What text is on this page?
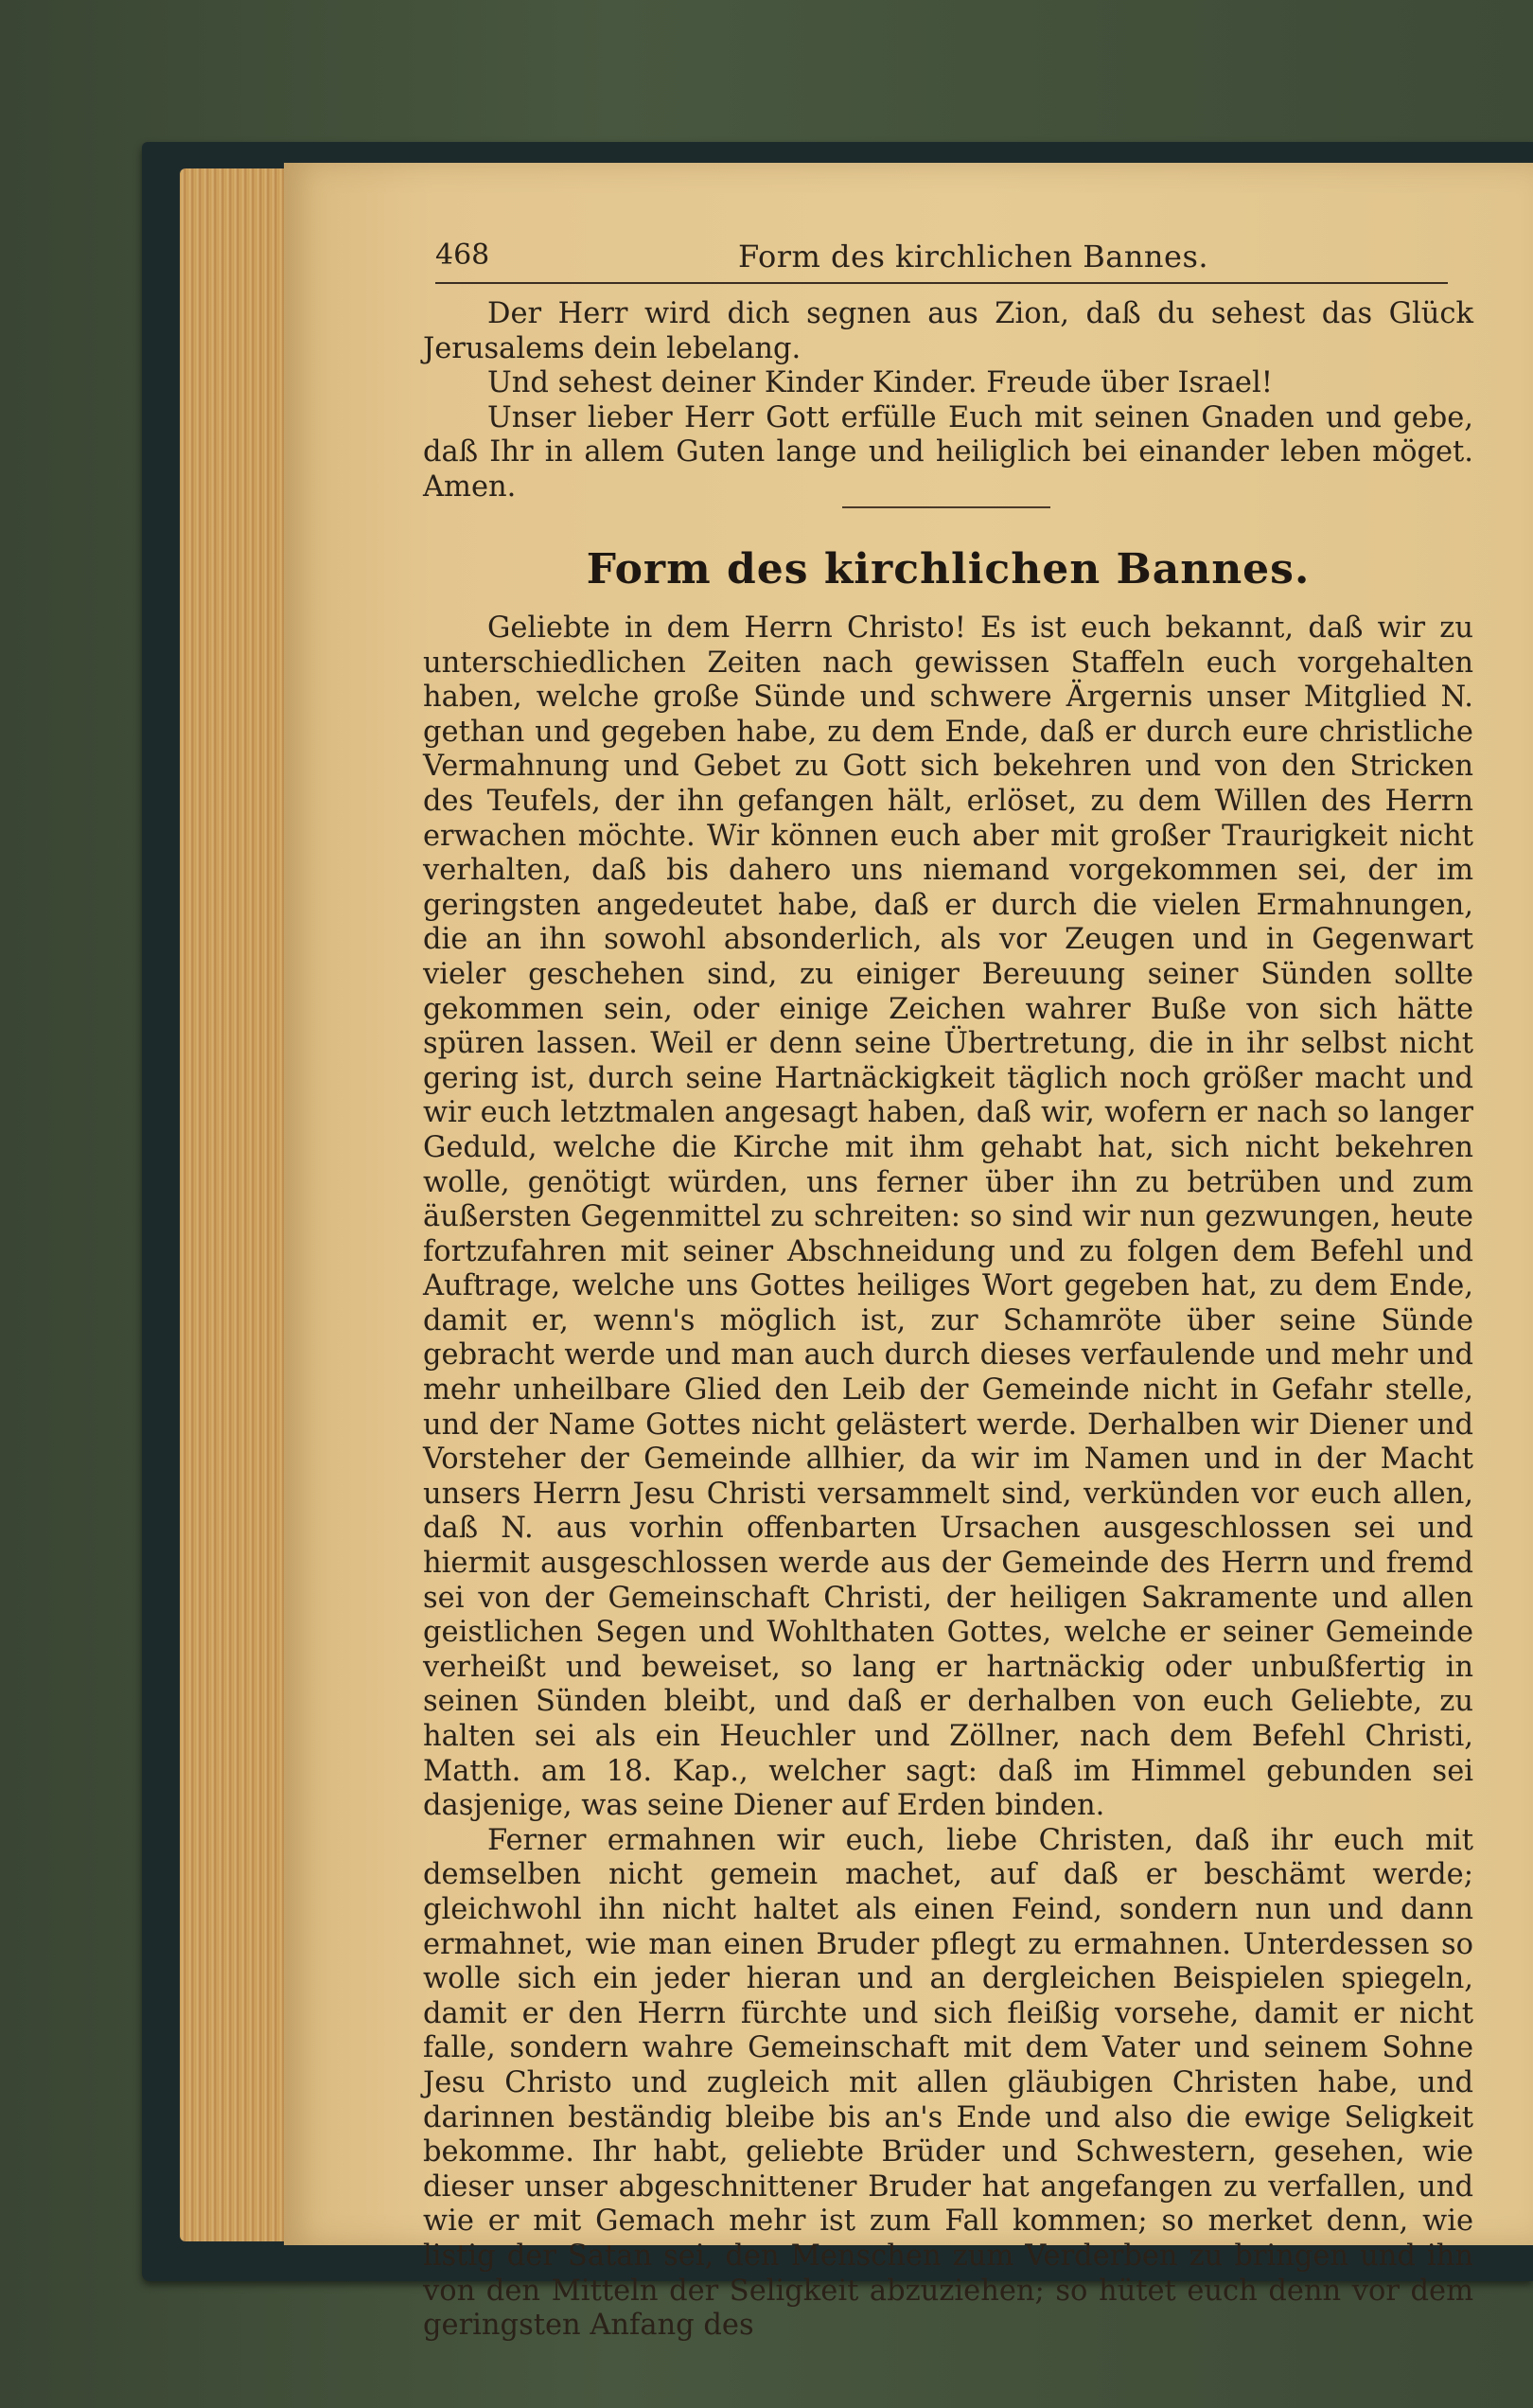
468	Form des kirchlichen Bannes.

Der Herr wird dich segnen aus Zion, daß du sehest das Glück Jerusalems dein lebelang.

Und sehest deiner Kinder Kinder. Freude über Israel!

Unser lieber Herr Gott erfülle Euch mit seinen Gnaden und gebe, daß Ihr in allem Guten lange und heiliglich bei einander leben möget. Amen.

Form des kirchlichen Bannes.

Geliebte in dem Herrn Christo! Es ist euch bekannt, daß wir zu unterschiedlichen Zeiten nach gewissen Staffeln euch vorgehalten haben, welche große Sünde und schwere Ärgernis unser Mitglied N. gethan und gegeben habe, zu dem Ende, daß er durch eure christliche Vermahnung und Gebet zu Gott sich bekehren und von den Stricken des Teufels, der ihn gefangen hält, erlöset, zu dem Willen des Herrn erwachen möchte. Wir können euch aber mit großer Traurigkeit nicht verhalten, daß bis dahero uns niemand vorgekommen sei, der im geringsten angedeutet habe, daß er durch die vielen Ermahnungen, die an ihn sowohl absonderlich, als vor Zeugen und in Gegenwart vieler geschehen sind, zu einiger Bereuung seiner Sünden sollte gekommen sein, oder einige Zeichen wahrer Buße von sich hätte spüren lassen. Weil er denn seine Übertretung, die in ihr selbst nicht gering ist, durch seine Hartnäckigkeit täglich noch größer macht und wir euch letztmalen angesagt haben, daß wir, wofern er nach so langer Geduld, welche die Kirche mit ihm gehabt hat, sich nicht bekehren wolle, genötigt würden, uns ferner über ihn zu betrüben und zum äußersten Gegenmittel zu schreiten: so sind wir nun gezwungen, heute fortzufahren mit seiner Abschneidung und zu folgen dem Befehl und Auftrage, welche uns Gottes heiliges Wort gegeben hat, zu dem Ende, damit er, wenn's möglich ist, zur Schamröte über seine Sünde gebracht werde und man auch durch dieses verfaulende und mehr und mehr unheilbare Glied den Leib der Gemeinde nicht in Gefahr stelle, und der Name Gottes nicht gelästert werde. Derhalben wir Diener und Vorsteher der Gemeinde allhier, da wir im Namen und in der Macht unsers Herrn Jesu Christi versammelt sind, verkünden vor euch allen, daß N. aus vorhin offenbarten Ursachen ausgeschlossen sei und hiermit ausgeschlossen werde aus der Gemeinde des Herrn und fremd sei von der Gemeinschaft Christi, der heiligen Sakramente und allen geistlichen Segen und Wohlthaten Gottes, welche er seiner Gemeinde verheißt und beweiset, so lang er hartnäckig oder unbußfertig in seinen Sünden bleibt, und daß er derhalben von euch Geliebte, zu halten sei als ein Heuchler und Zöllner, nach dem Befehl Christi, Matth. am 18. Kap., welcher sagt: daß im Himmel gebunden sei dasjenige, was seine Diener auf Erden binden.

Ferner ermahnen wir euch, liebe Christen, daß ihr euch mit demselben nicht gemein machet, auf daß er beschämt werde; gleichwohl ihn nicht haltet als einen Feind, sondern nun und dann ermahnet, wie man einen Bruder pflegt zu ermahnen. Unterdessen so wolle sich ein jeder hieran und an dergleichen Beispielen spiegeln, damit er den Herrn fürchte und sich fleißig vorsehe, damit er nicht falle, sondern wahre Gemeinschaft mit dem Vater und seinem Sohne Jesu Christo und zugleich mit allen gläubigen Christen habe, und darinnen beständig bleibe bis an's Ende und also die ewige Seligkeit bekomme. Ihr habt, geliebte Brüder und Schwestern, gesehen, wie dieser unser abgeschnittener Bruder hat angefangen zu verfallen, und wie er mit Gemach mehr ist zum Fall kommen; so merket denn, wie listig der Satan sei, den Menschen zum Verderben zu bringen und ihn von den Mitteln der Seligkeit abzuziehen; so hütet euch denn vor dem geringsten Anfang des
